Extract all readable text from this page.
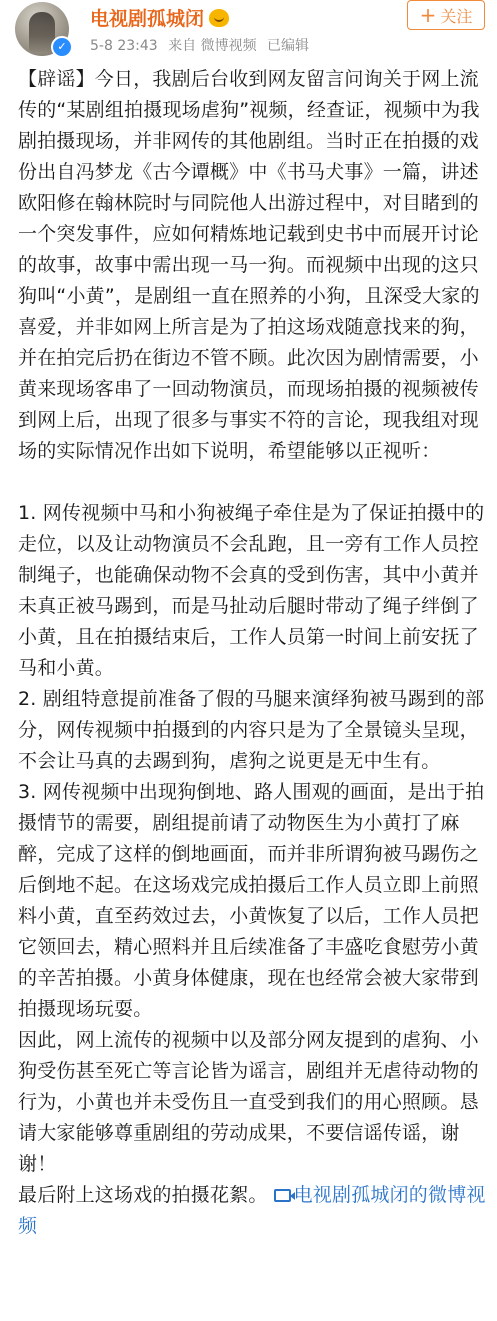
✓
电视剧孤城闭
5-8 23:43 来自 微博视频 已编辑
+ 关注

【辟谣】今日，我剧后台收到网友留言问询关于网上流传的“某剧组拍摄现场虐狗”视频，经查证，视频中为我剧拍摄现场，并非网传的其他剧组。当时正在拍摄的戏份出自冯梦龙《古今谭概》中《书马犬事》一篇，讲述欧阳修在翰林院时与同院他人出游过程中，对目睹到的一个突发事件，应如何精炼地记载到史书中而展开讨论的故事，故事中需出现一马一狗。而视频中出现的这只狗叫“小黄”，是剧组一直在照养的小狗，且深受大家的喜爱，并非如网上所言是为了拍这场戏随意找来的狗，并在拍完后扔在街边不管不顾。此次因为剧情需要，小黄来现场客串了一回动物演员，而现场拍摄的视频被传到网上后，出现了很多与事实不符的言论，现我组对现场的实际情况作出如下说明，希望能够以正视听：

1. 网传视频中马和小狗被绳子牵住是为了保证拍摄中的走位，以及让动物演员不会乱跑，且一旁有工作人员控制绳子，也能确保动物不会真的受到伤害，其中小黄并未真正被马踢到，而是马扯动后腿时带动了绳子绊倒了小黄，且在拍摄结束后，工作人员第一时间上前安抚了马和小黄。

2. 剧组特意提前准备了假的马腿来演绎狗被马踢到的部分，网传视频中拍摄到的内容只是为了全景镜头呈现，不会让马真的去踢到狗，虐狗之说更是无中生有。

3. 网传视频中出现狗倒地、路人围观的画面，是出于拍摄情节的需要，剧组提前请了动物医生为小黄打了麻醉，完成了这样的倒地画面，而并非所谓狗被马踢伤之后倒地不起。在这场戏完成拍摄后工作人员立即上前照料小黄，直至药效过去，小黄恢复了以后，工作人员把它领回去，精心照料并且后续准备了丰盛吃食慰劳小黄的辛苦拍摄。小黄身体健康，现在也经常会被大家带到拍摄现场玩耍。

因此，网上流传的视频中以及部分网友提到的虐狗、小狗受伤甚至死亡等言论皆为谣言，剧组并无虐待动物的行为，小黄也并未受伤且一直受到我们的用心照顾。恳请大家能够尊重剧组的劳动成果，不要信谣传谣，谢谢！

最后附上这场戏的拍摄花絮。 电视剧孤城闭的微博视频
